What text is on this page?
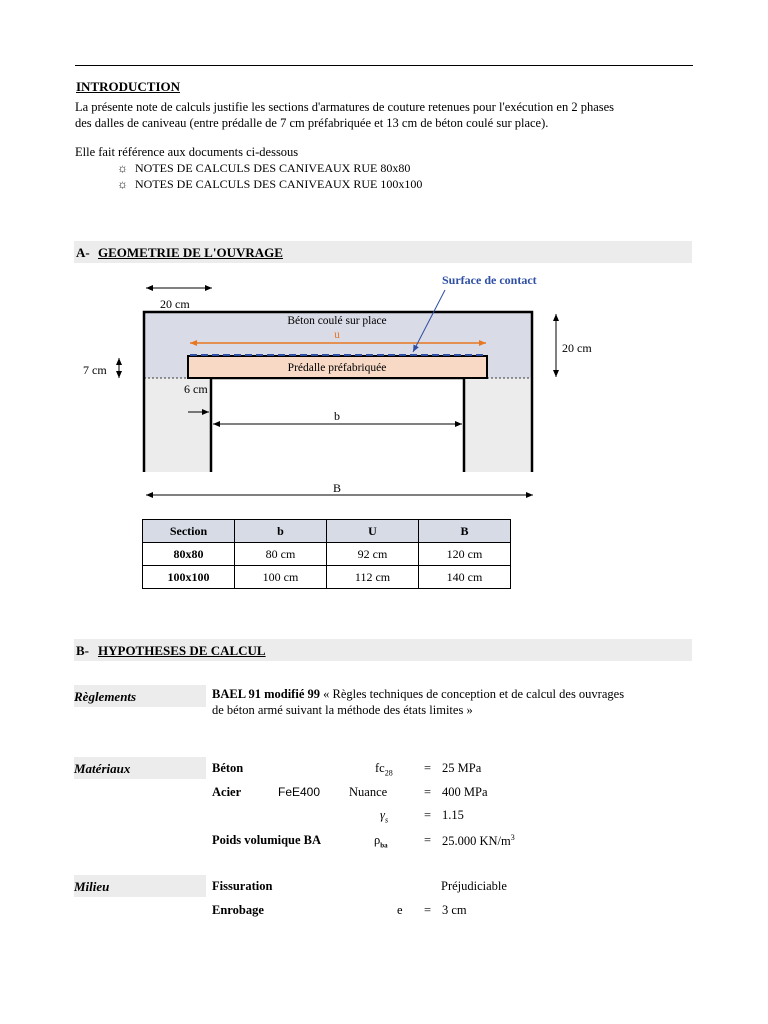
INTRODUCTION
La présente note de calculs justifie les sections d'armatures de couture retenues pour l'exécution en 2 phases
des dalles de caniveau (entre prédalle de 7 cm préfabriquée et 13 cm de béton coulé sur place).
Elle fait référence aux documents ci-dessous
☼ NOTES DE CALCULS DES CANIVEAUX RUE 80x80
☼ NOTES DE CALCULS DES CANIVEAUX RUE 100x100
A- GEOMETRIE DE L'OUVRAGE
20 cm
20 cm
7 cm
6 cm
Béton coulé sur place
u
Prédalle préfabriquée
Surface de contact
b
B
Section	b	U	B
80x80	80 cm	92 cm	120 cm
100x100	100 cm	112 cm	140 cm
B- HYPOTHESES DE CALCUL
Règlements	BAEL 91 modifié 99 « Règles techniques de conception et de calcul des ouvrages
de béton armé suivant la méthode des états limites »
Matériaux	Béton	$fc_{28}$	= 25 MPa
Acier	FeE400 Nuance	= 400 MPa
$\gamma_s$	= 1.15
Poids volumique BA	$\rho_{ba}$	= 25.000 $KN/m^3$
Milieu	Fissuration	Préjudiciable
Enrobage	e = 3 cm
